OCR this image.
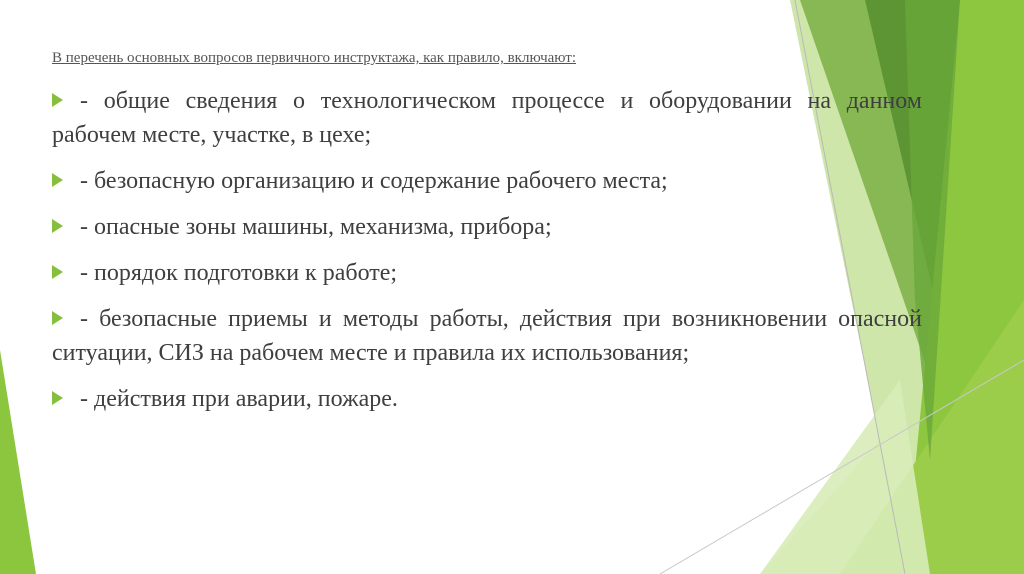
В перечень основных вопросов первичного инструктажа, как правило, включают:
- общие сведения о технологическом процессе и оборудовании на данном рабочем месте, участке, в цехе;
- безопасную организацию и содержание рабочего места;
- опасные зоны машины, механизма, прибора;
- порядок подготовки к работе;
- безопасные приемы и методы работы, действия при возникновении опасной ситуации, СИЗ на рабочем месте и правила их использования;
- действия при аварии, пожаре.
